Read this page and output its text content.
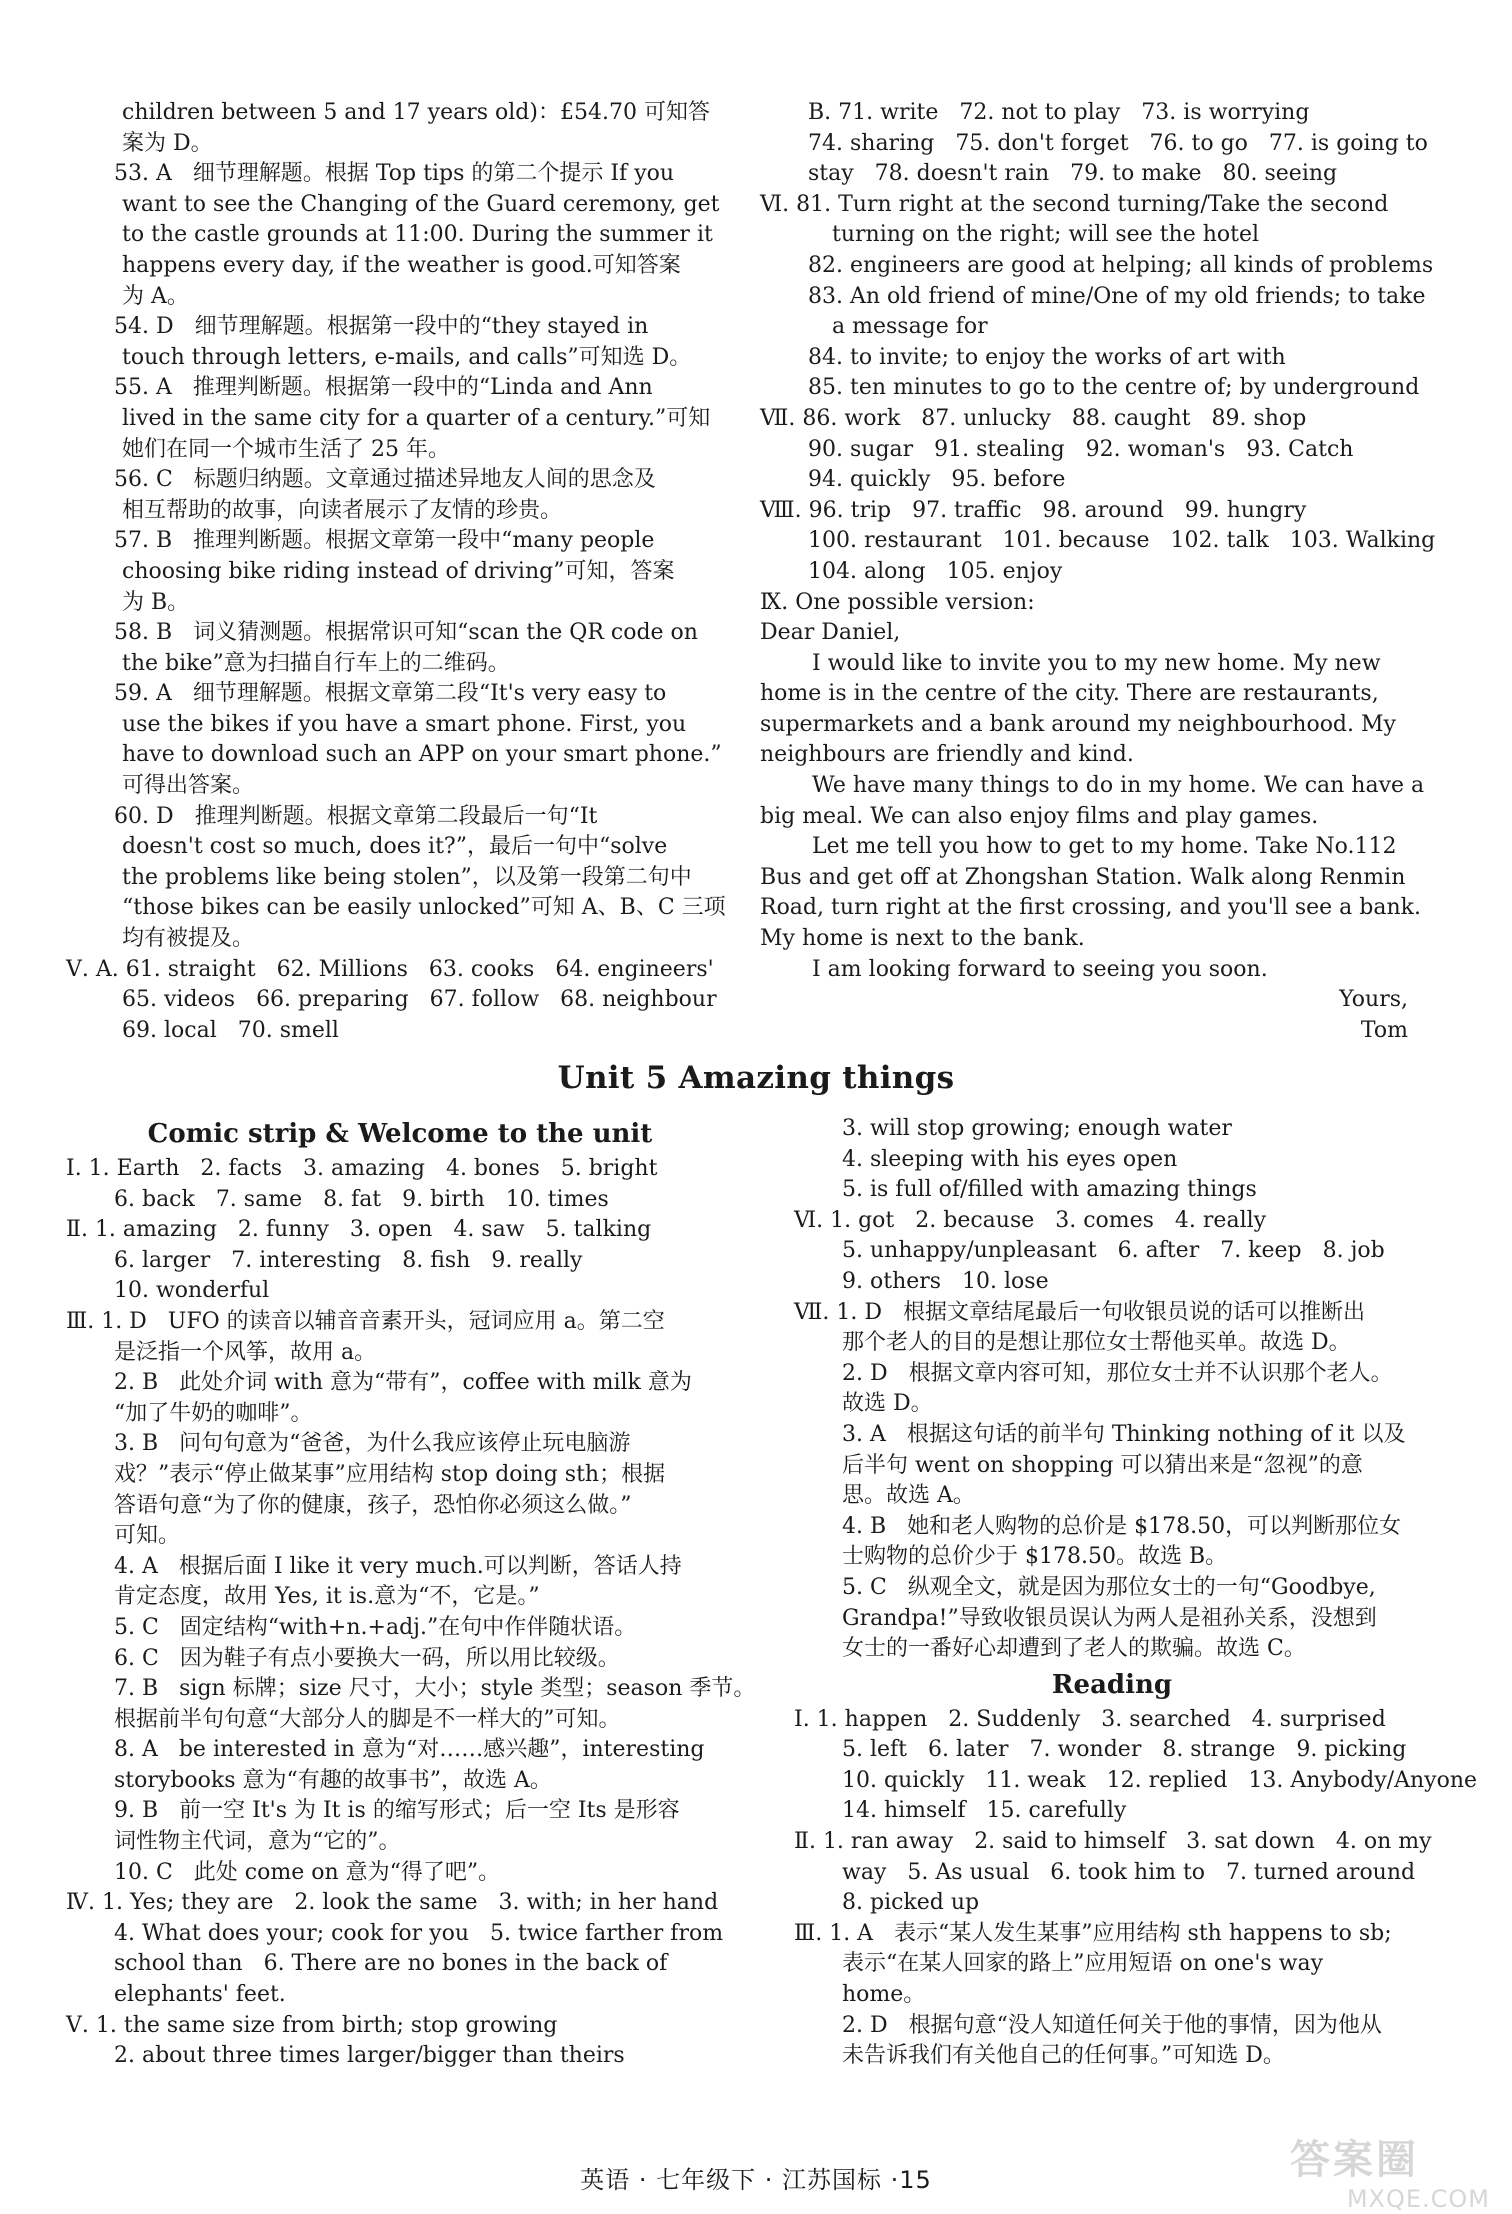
children between 5 and 17 years old)：£54.70 可知答
案为 D。
53. A   细节理解题。根据 Top tips 的第二个提示 If you
want to see the Changing of the Guard ceremony, get
to the castle grounds at 11:00. During the summer it
happens every day, if the weather is good.可知答案
为 A。
54. D   细节理解题。根据第一段中的“they stayed in
touch through letters, e-mails, and calls”可知选 D。
55. A   推理判断题。根据第一段中的“Linda and Ann
lived in the same city for a quarter of a century.”可知
她们在同一个城市生活了 25 年。
56. C   标题归纳题。文章通过描述异地友人间的思念及
相互帮助的故事，向读者展示了友情的珍贵。
57. B   推理判断题。根据文章第一段中“many people
choosing bike riding instead of driving”可知，答案
为 B。
58. B   词义猜测题。根据常识可知“scan the QR code on
the bike”意为扫描自行车上的二维码。
59. A   细节理解题。根据文章第二段“It's very easy to
use the bikes if you have a smart phone. First, you
have to download such an APP on your smart phone.”
可得出答案。
60. D   推理判断题。根据文章第二段最后一句“It
doesn't cost so much, does it?”，最后一句中“solve
the problems like being stolen”，以及第一段第二句中
“those bikes can be easily unlocked”可知 A、B、C 三项
均有被提及。
Ⅴ. A. 61. straight   62. Millions   63. cooks   64. engineers'
65. videos   66. preparing   67. follow   68. neighbour
69. local   70. smell
B. 71. write   72. not to play   73. is worrying
74. sharing   75. don't forget   76. to go   77. is going to
stay   78. doesn't rain   79. to make   80. seeing
Ⅵ. 81. Turn right at the second turning/Take the second
turning on the right; will see the hotel
82. engineers are good at helping; all kinds of problems
83. An old friend of mine/One of my old friends; to take
a message for
84. to invite; to enjoy the works of art with
85. ten minutes to go to the centre of; by underground
Ⅶ. 86. work   87. unlucky   88. caught   89. shop
90. sugar   91. stealing   92. woman's   93. Catch
94. quickly   95. before
Ⅷ. 96. trip   97. traffic   98. around   99. hungry
100. restaurant   101. because   102. talk   103. Walking
104. along   105. enjoy
Ⅸ. One possible version:
Dear Daniel,
I would like to invite you to my new home. My new
home is in the centre of the city. There are restaurants,
supermarkets and a bank around my neighbourhood. My
neighbours are friendly and kind.
We have many things to do in my home. We can have a
big meal. We can also enjoy films and play games.
Let me tell you how to get to my home. Take No.112
Bus and get off at Zhongshan Station. Walk along Renmin
Road, turn right at the first crossing, and you'll see a bank.
My home is next to the bank.
I am looking forward to seeing you soon.
Yours,
Tom
Unit 5 Amazing things
Comic strip & Welcome to the unit
Ⅰ. 1. Earth   2. facts   3. amazing   4. bones   5. bright
6. back   7. same   8. fat   9. birth   10. times
Ⅱ. 1. amazing   2. funny   3. open   4. saw   5. talking
6. larger   7. interesting   8. fish   9. really
10. wonderful
Ⅲ. 1. D   UFO 的读音以辅音音素开头，冠词应用 a。第二空
是泛指一个风筝，故用 a。
2. B   此处介词 with 意为“带有”，coffee with milk 意为
“加了牛奶的咖啡”。
3. B   问句句意为“爸爸，为什么我应该停止玩电脑游
戏？”表示“停止做某事”应用结构 stop doing sth；根据
答语句意“为了你的健康，孩子，恐怕你必须这么做。”
可知。
4. A   根据后面 I like it very much.可以判断，答话人持
肯定态度，故用 Yes, it is.意为“不，它是。”
5. C   固定结构“with+n.+adj.”在句中作伴随状语。
6. C   因为鞋子有点小要换大一码，所以用比较级。
7. B   sign 标牌；size 尺寸，大小；style 类型；season 季节。
根据前半句句意“大部分人的脚是不一样大的”可知。
8. A   be interested in 意为“对……感兴趣”，interesting
storybooks 意为“有趣的故事书”，故选 A。
9. B   前一空 It's 为 It is 的缩写形式；后一空 Its 是形容
词性物主代词，意为“它的”。
10. C   此处 come on 意为“得了吧”。
Ⅳ. 1. Yes; they are   2. look the same   3. with; in her hand
4. What does your; cook for you   5. twice farther from
school than   6. There are no bones in the back of
elephants' feet.
Ⅴ. 1. the same size from birth; stop growing
2. about three times larger/bigger than theirs
3. will stop growing; enough water
4. sleeping with his eyes open
5. is full of/filled with amazing things
Ⅵ. 1. got   2. because   3. comes   4. really
5. unhappy/unpleasant   6. after   7. keep   8. job
9. others   10. lose
Ⅶ. 1. D   根据文章结尾最后一句收银员说的话可以推断出
那个老人的目的是想让那位女士帮他买单。故选 D。
2. D   根据文章内容可知，那位女士并不认识那个老人。
故选 D。
3. A   根据这句话的前半句 Thinking nothing of it 以及
后半句 went on shopping 可以猜出来是“忽视”的意
思。故选 A。
4. B   她和老人购物的总价是 $178.50，可以判断那位女
士购物的总价少于 $178.50。故选 B。
5. C   纵观全文，就是因为那位女士的一句“Goodbye,
Grandpa!”导致收银员误认为两人是祖孙关系，没想到
女士的一番好心却遭到了老人的欺骗。故选 C。
Reading
Ⅰ. 1. happen   2. Suddenly   3. searched   4. surprised
5. left   6. later   7. wonder   8. strange   9. picking
10. quickly   11. weak   12. replied   13. Anybody/Anyone
14. himself   15. carefully
Ⅱ. 1. ran away   2. said to himself   3. sat down   4. on my
way   5. As usual   6. took him to   7. turned around
8. picked up
Ⅲ. 1. A   表示“某人发生某事”应用结构 sth happens to sb;
表示“在某人回家的路上”应用短语 on one's way
home。
2. D   根据句意“没人知道任何关于他的事情，因为他从
未告诉我们有关他自己的任何事。”可知选 D。
英语 · 七年级下 · 江苏国标 ·15	答案圈
MXQE.COM
